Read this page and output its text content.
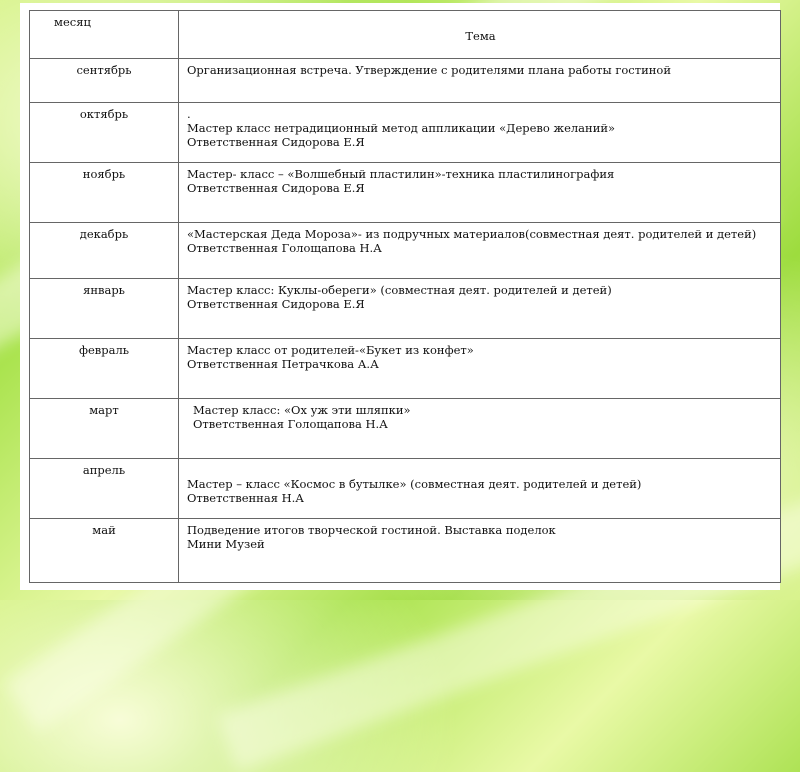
месяц	Тема
сентябрь	Организационная встреча. Утверждение с родителями плана работы гостиной

октябрь	.
Мастер класс нетрадиционный метод аппликации «Дерево желаний»
Ответственная Сидорова Е.Я

ноябрь	Мастер- класс – «Волшебный пластилин»-техника пластилинография
Ответственная Сидорова Е.Я

декабрь	«Мастерская Деда Мороза»- из подручных материалов(совместная деят. родителей и детей)
Ответственная Голощапова Н.А

январь	Мастер класс: Куклы-обереги» (совместная деят. родителей и детей)
Ответственная Сидорова Е.Я

февраль	Мастер класс от родителей-«Букет из конфет»
Ответственная Петрачкова А.А

март	Мастер класс: «Ох уж эти шляпки»
Ответственная Голощапова Н.А

апрель	Мастер – класс «Космос в бутылке» (совместная деят. родителей и детей)
Ответственная Н.А

май	Подведение итогов творческой гостиной. Выставка поделок
Мини Музей
